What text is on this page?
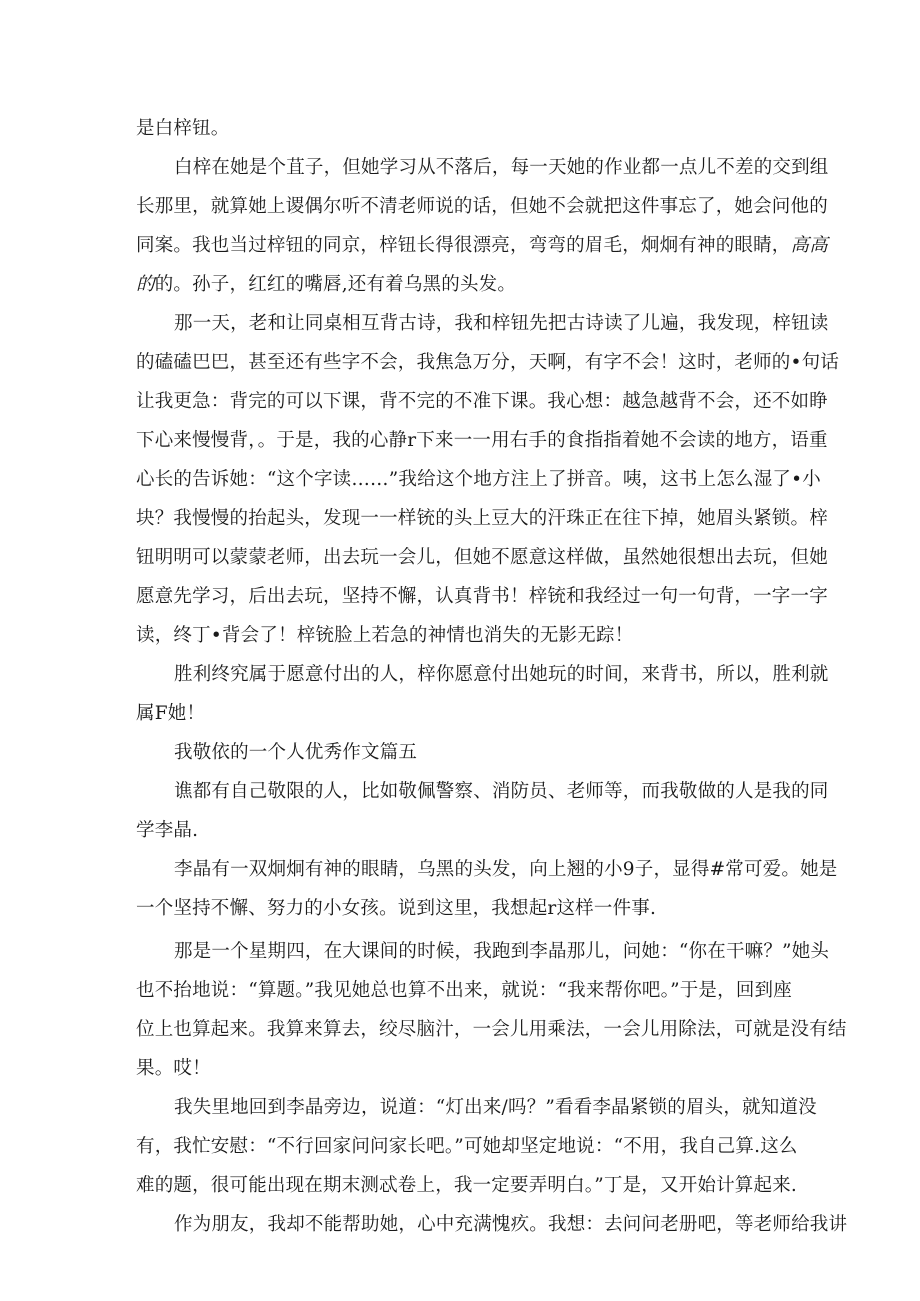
是白梓钮。
白梓在她是个苴子，但她学习从不落后，每一天她的作业都一点儿不差的交到组
长那里，就算她上谡偶尔听不清老师说的话，但她不会就把这件事忘了，她会问他的
同案。我也当过梓钮的同京，梓钮长得很漂亮，弯弯的眉毛，炯炯有神的眼睛，高高
的的。孙子，红红的嘴唇,还有着乌黑的头发。
那一天，老和让同桌相互背古诗，我和梓钮先把古诗读了儿遍，我发现，梓钮读
的磕磕巴巴，甚至还有些字不会，我焦急万分，天啊，有字不会！这时，老师的•句话
让我更急：背完的可以下课，背不完的不准下课。我心想：越急越背不会，还不如睁
下心来慢慢背，。于是，我的心静r下来一一用右手的食指指着她不会读的地方，语重
心长的告诉她：“这个字读……”我给这个地方注上了拼音。咦，这书上怎么湿了•小
块？我慢慢的抬起头，发现一一样铳的头上豆大的汗珠正在往下掉，她眉头紧锁。梓
钮明明可以蒙蒙老师，出去玩一会儿，但她不愿意这样做，虽然她很想出去玩，但她
愿意先学习，后出去玩，坚持不懈，认真背书！梓铳和我经过一句一句背，一字一字
读，终丁•背会了！梓铳脸上若急的神情也消失的无影无踪！
胜利终究属于愿意付出的人，梓你愿意付出她玩的时间，来背书，所以，胜利就
属F她！
我敬依的一个人优秀作文篇五
谯都有自己敬限的人，比如敬佩警察、消防员、老师等，而我敬做的人是我的同
学李晶.
李晶有一双炯炯有神的眼睛，乌黑的头发，向上翘的小9子，显得#常可爱。她是
一个坚持不懈、努力的小女孩。说到这里，我想起r这样一件事.
那是一个星期四，在大课间的时候，我跑到李晶那儿，问她：“你在干嘛？”她头
也不抬地说：“算题。”我见她总也算不出来，就说：“我来帮你吧。”于是，回到座
位上也算起来。我算来算去，绞尽脑汁，一会儿用乘法，一会儿用除法，可就是没有结
果。哎！
我失里地回到李晶旁边，说道：“灯出来/吗？”看看李晶紧锁的眉头，就知道没
有，我忙安慰：“不行回家问问家长吧。”可她却坚定地说：“不用，我自己算.这么
难的题，很可能出现在期末测忒卷上，我一定要弄明白。”丁是，又开始计算起来.
作为朋友，我却不能帮助她，心中充满愧疚。我想：去问问老册吧，等老师给我讲
